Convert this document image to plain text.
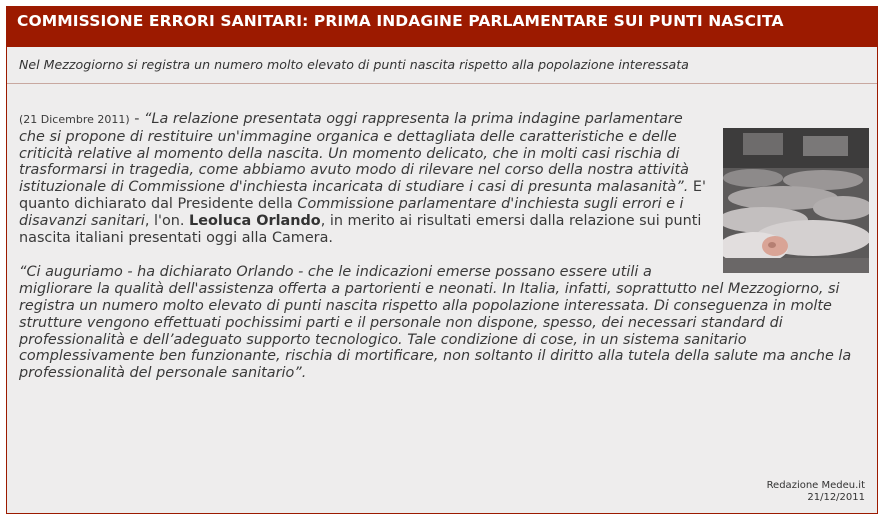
COMMISSIONE ERRORI SANITARI: PRIMA INDAGINE PARLAMENTARE SUI PUNTI NASCITA
Nel Mezzogiorno si registra un numero molto elevato di punti nascita rispetto alla popolazione interessata
(21 Dicembre 2011) - “La relazione presentata oggi rappresenta la prima indagine parlamentare che si propone di restituire un'immagine organica e dettagliata delle caratteristiche e delle criticità relative al momento della nascita. Un momento delicato, che in molti casi rischia di trasformarsi in tragedia, come abbiamo avuto modo di rilevare nel corso della nostra attività istituzionale di Commissione d'inchiesta incaricata di studiare i casi di presunta malasanità”. E' quanto dichiarato dal Presidente della Commissione parlamentare d'inchiesta sugli errori e i disavanzi sanitari, l'on. Leoluca Orlando, in merito ai risultati emersi dalla relazione sui punti nascita italiani presentati oggi alla Camera.
“Ci auguriamo - ha dichiarato Orlando - che le indicazioni emerse possano essere utili a migliorare la qualità dell'assistenza offerta a partorienti e neonati. In Italia, infatti, soprattutto nel Mezzogiorno, si registra un numero molto elevato di punti nascita rispetto alla popolazione interessata. Di conseguenza in molte strutture vengono effettuati pochissimi parti e il personale non dispone, spesso, dei necessari standard di professionalità e dell’adeguato supporto tecnologico. Tale condizione di cose, in un sistema sanitario complessivamente ben funzionante, rischia di mortificare, non soltanto il diritto alla tutela della salute ma anche la professionalità del personale sanitario”.
Redazione Medeu.it
21/12/2011
